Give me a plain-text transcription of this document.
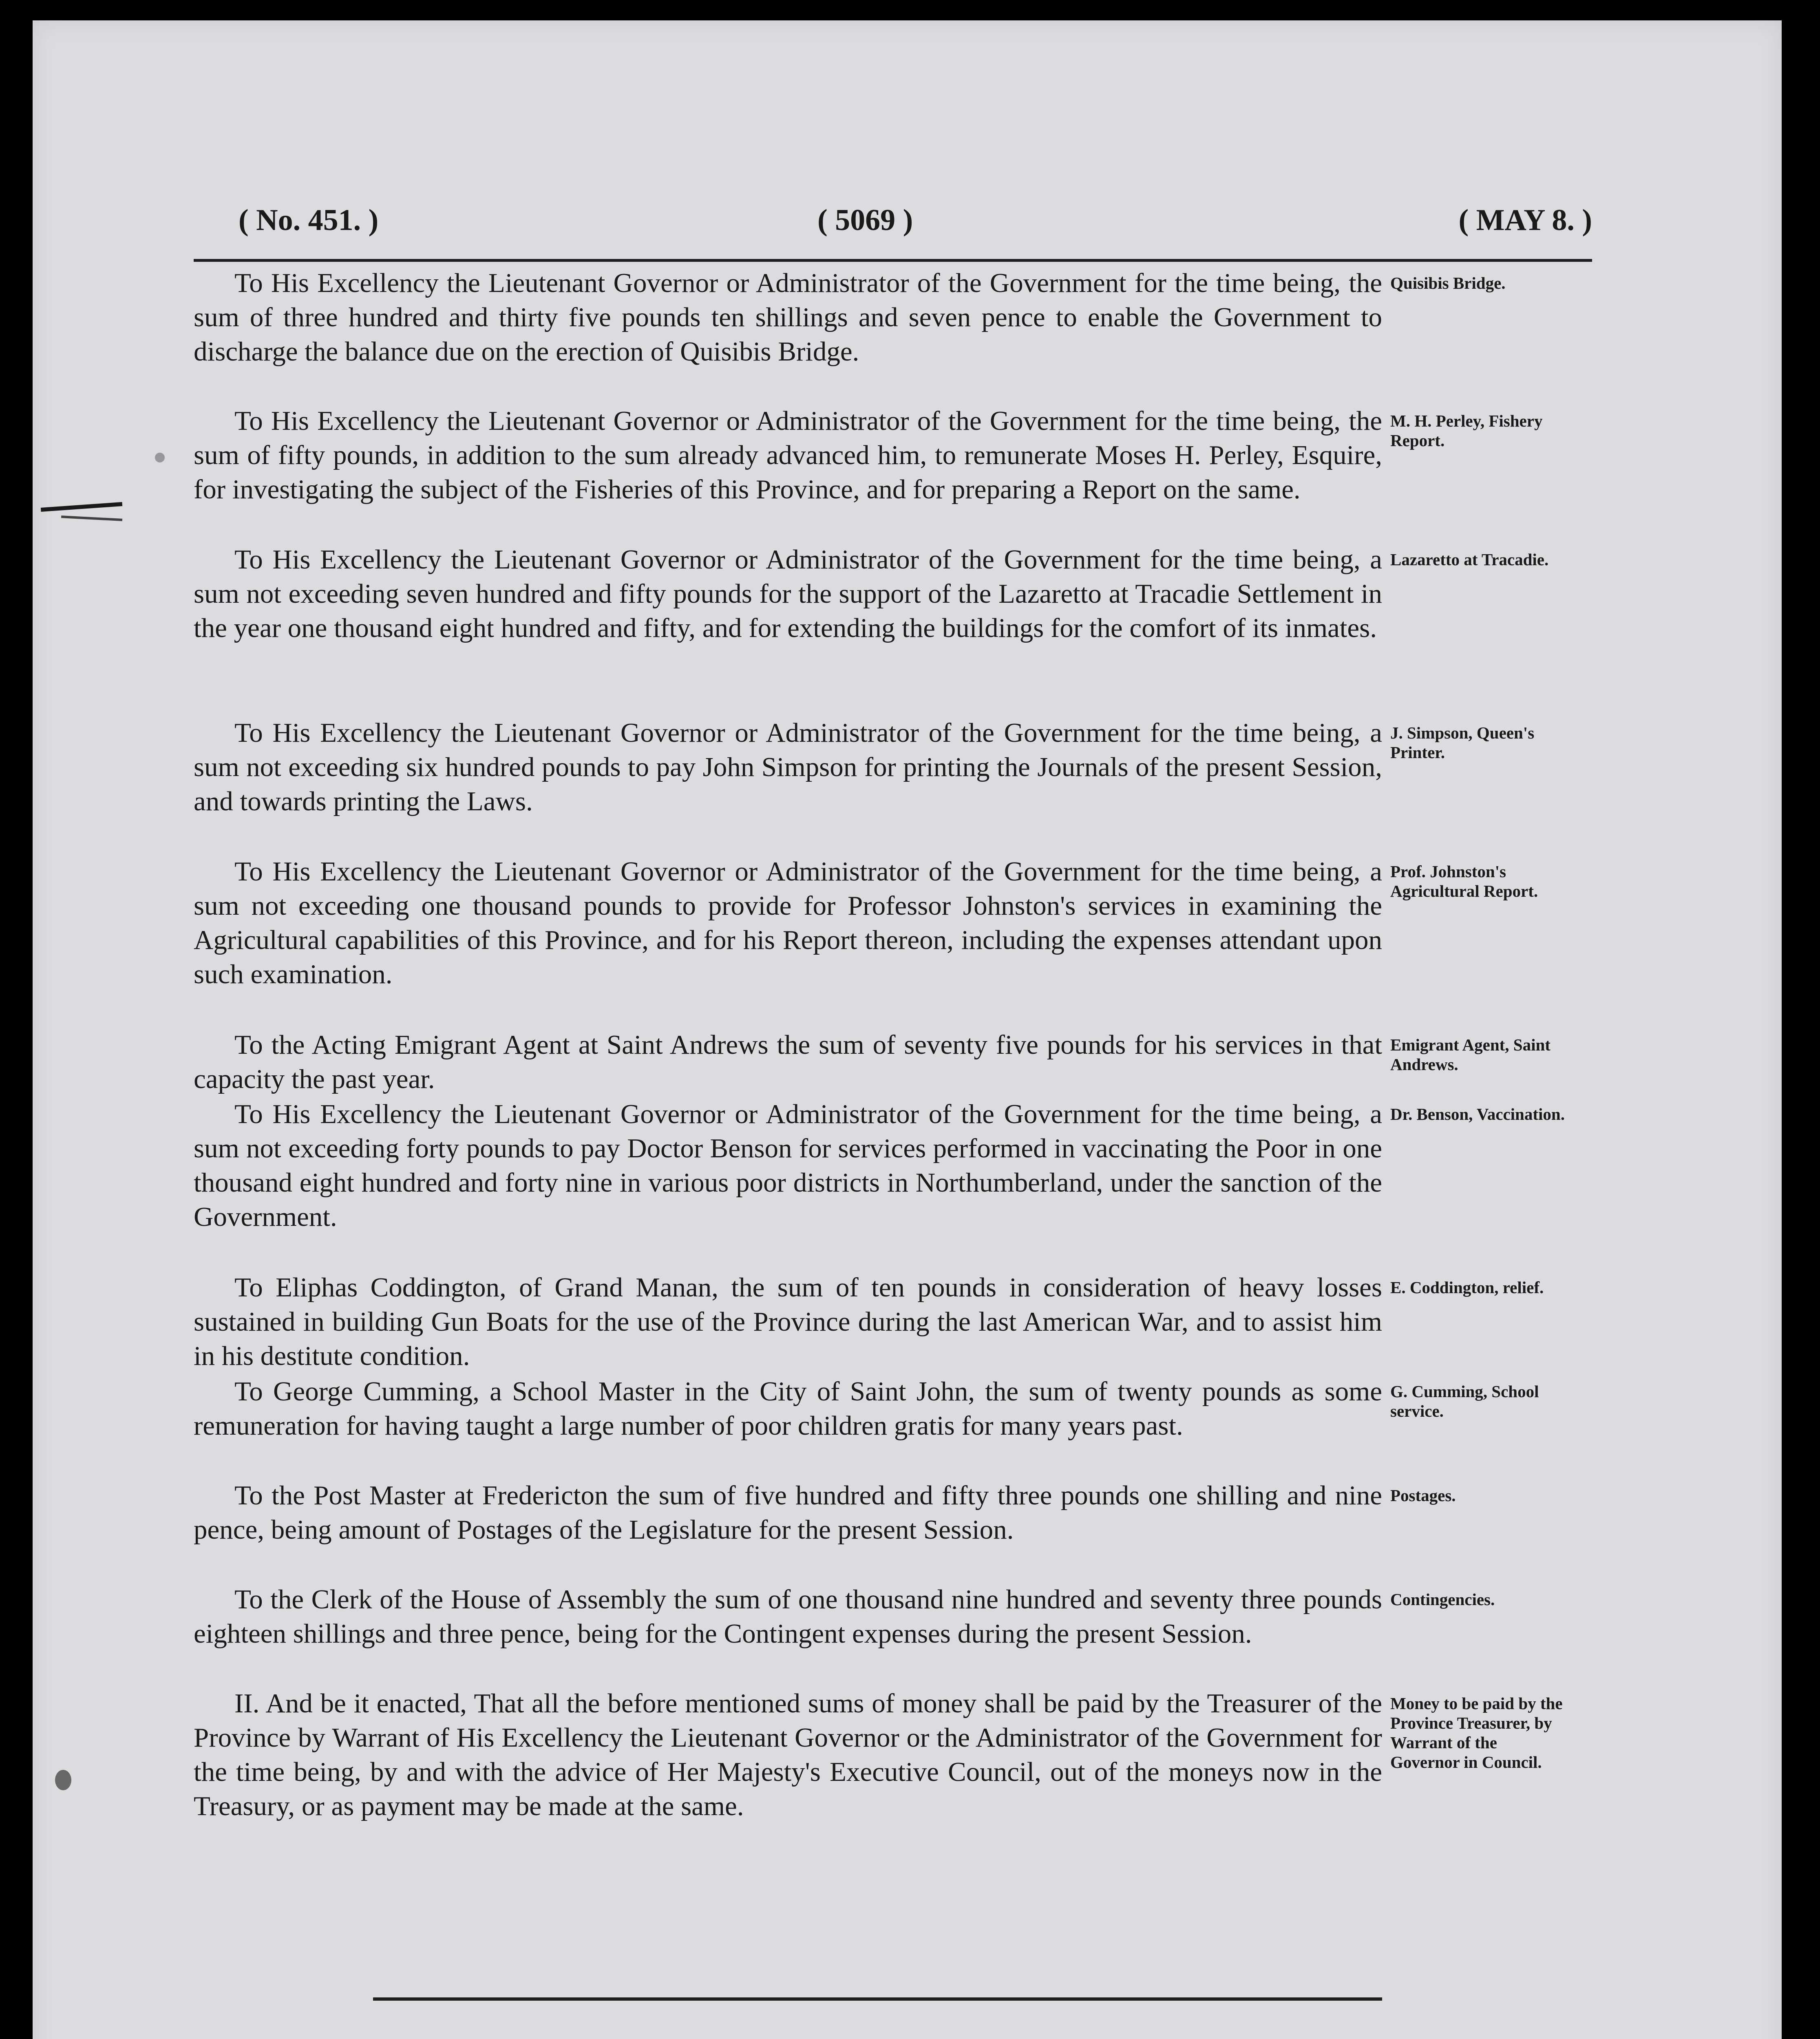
( No. 451. )	( 5069 )	( MAY 8. )

To His Excellency the Lieutenant Governor or Administrator of the Government for the time being, the sum of three hundred and thirty five pounds ten shillings and seven pence to enable the Government to discharge the balance due on the erection of Quisibis Bridge.

Quisibis Bridge.

To His Excellency the Lieutenant Governor or Administrator of the Government for the time being, the sum of fifty pounds, in addition to the sum already advanced him, to remunerate Moses H. Perley, Esquire, for investigating the subject of the Fisheries of this Province, and for preparing a Report on the same.

M. H. Perley, Fishery Report.

To His Excellency the Lieutenant Governor or Administrator of the Government for the time being, a sum not exceeding seven hundred and fifty pounds for the support of the Lazaretto at Tracadie Settlement in the year one thousand eight hundred and fifty, and for extending the buildings for the comfort of its inmates.

Lazaretto at Tracadie.

To His Excellency the Lieutenant Governor or Administrator of the Government for the time being, a sum not exceeding six hundred pounds to pay John Simpson for printing the Journals of the present Session, and towards printing the Laws.

J. Simpson, Queen's Printer.

To His Excellency the Lieutenant Governor or Administrator of the Government for the time being, a sum not exceeding one thousand pounds to provide for Professor Johnston's services in examining the Agricultural capabilities of this Province, and for his Report thereon, including the expenses attendant upon such examination.

Prof. Johnston's Agricultural Report.

To the Acting Emigrant Agent at Saint Andrews the sum of seventy five pounds for his services in that capacity the past year.

Emigrant Agent, Saint Andrews.

To His Excellency the Lieutenant Governor or Administrator of the Government for the time being, a sum not exceeding forty pounds to pay Doctor Benson for services performed in vaccinating the Poor in one thousand eight hundred and forty nine in various poor districts in Northumberland, under the sanction of the Government.

Dr. Benson, Vaccination.

To Eliphas Coddington, of Grand Manan, the sum of ten pounds in consideration of heavy losses sustained in building Gun Boats for the use of the Province during the last American War, and to assist him in his destitute condition.

E. Coddington, relief.

To George Cumming, a School Master in the City of Saint John, the sum of twenty pounds as some remuneration for having taught a large number of poor children gratis for many years past.

G. Cumming, School service.

To the Post Master at Fredericton the sum of five hundred and fifty three pounds one shilling and nine pence, being amount of Postages of the Legislature for the present Session.

Postages.

To the Clerk of the House of Assembly the sum of one thousand nine hundred and seventy three pounds eighteen shillings and three pence, being for the Contingent expenses during the present Session.

Contingencies.

II. And be it enacted, That all the before mentioned sums of money shall be paid by the Treasurer of the Province by Warrant of His Excellency the Lieutenant Governor or the Administrator of the Government for the time being, by and with the advice of Her Majesty's Executive Council, out of the moneys now in the Treasury, or as payment may be made at the same.

Money to be paid by the Province Treasurer, by Warrant of the Governor in Council.
